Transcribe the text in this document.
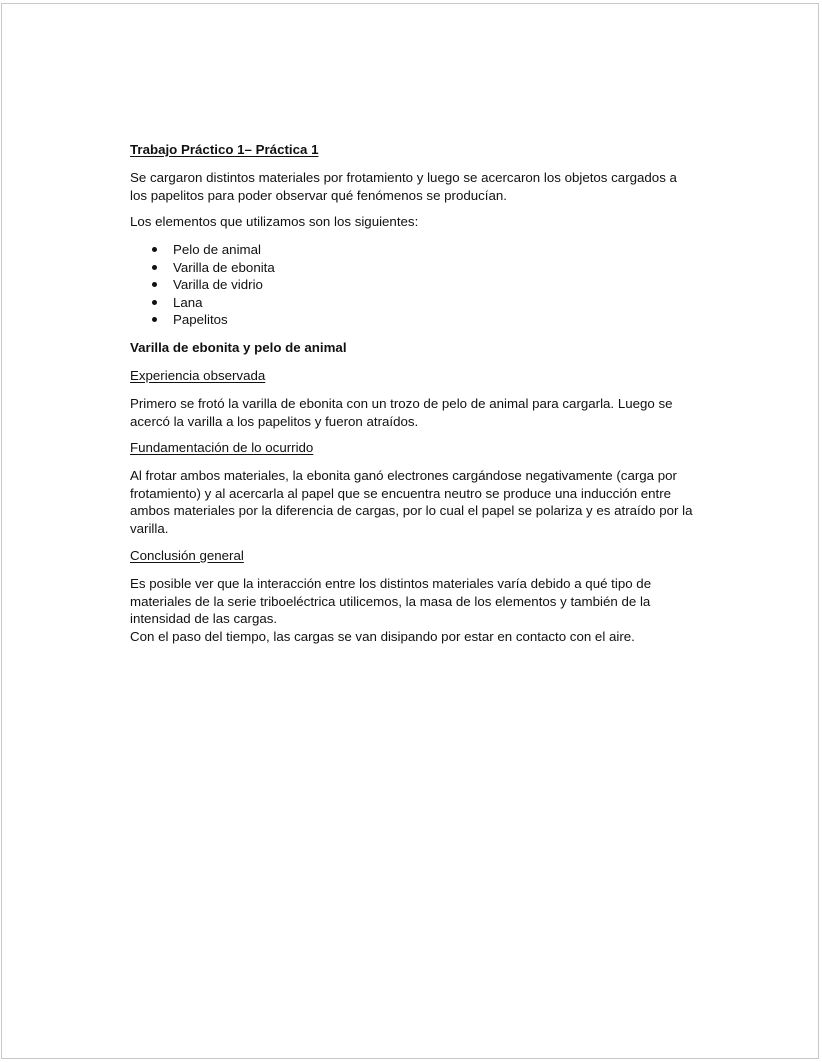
Trabajo Práctico 1– Práctica 1
Se cargaron distintos materiales por frotamiento y luego se acercaron los objetos cargados a
los papelitos para poder observar qué fenómenos se producían.
Los elementos que utilizamos son los siguientes:
Pelo de animal
Varilla de ebonita
Varilla de vidrio
Lana
Papelitos
Varilla de ebonita y pelo de animal
Experiencia observada
Primero se frotó la varilla de ebonita con un trozo de pelo de animal para cargarla. Luego se
acercó la varilla a los papelitos y fueron atraídos.
Fundamentación de lo ocurrido
Al frotar ambos materiales, la ebonita ganó electrones cargándose negativamente (carga por
frotamiento) y al acercarla al papel que se encuentra neutro se produce una inducción entre
ambos materiales por la diferencia de cargas, por lo cual el papel se polariza y es atraído por la
varilla.
Conclusión general
Es posible ver que la interacción entre los distintos materiales varía debido a qué tipo de
materiales de la serie triboeléctrica utilicemos, la masa de los elementos y también de la
intensidad de las cargas.
Con el paso del tiempo, las cargas se van disipando por estar en contacto con el aire.
